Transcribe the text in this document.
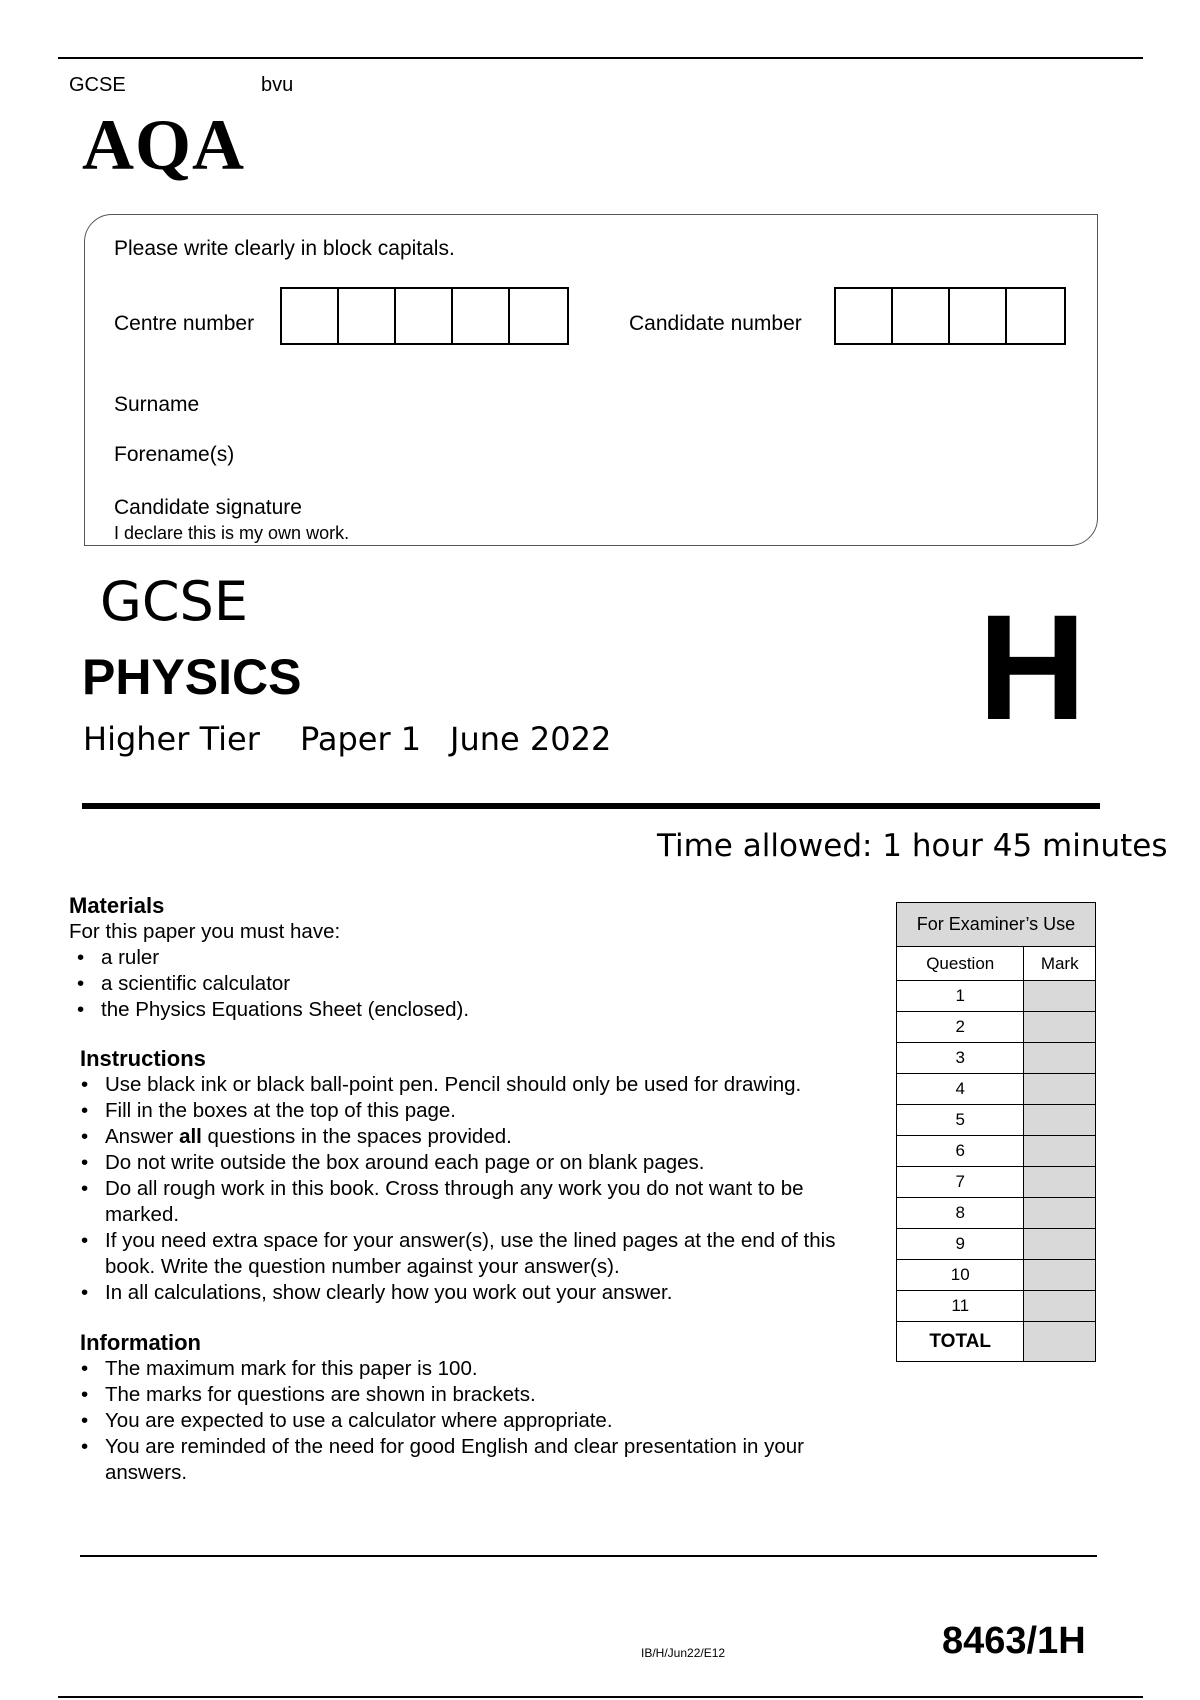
GCSE	bvu
AQA
Please write clearly in block capitals.
Centre number	Candidate number
Surname
Forename(s)
Candidate signature
I declare this is my own work.
GCSE
PHYSICS
Higher Tier Paper 1 June 2022 H
Time allowed: 1 hour 45 minutes
Materials
For this paper you must have:
• a ruler
• a scientific calculator
• the Physics Equations Sheet (enclosed).
Instructions
• Use black ink or black ball-point pen. Pencil should only be used for drawing.
• Fill in the boxes at the top of this page.
• Answer all questions in the spaces provided.
• Do not write outside the box around each page or on blank pages.
• Do all rough work in this book. Cross through any work you do not want to be marked.
• If you need extra space for your answer(s), use the lined pages at the end of this book. Write the question number against your answer(s).
• In all calculations, show clearly how you work out your answer.
Information
• The maximum mark for this paper is 100.
• The marks for questions are shown in brackets.
• You are expected to use a calculator where appropriate.
• You are reminded of the need for good English and clear presentation in your answers.
For Examiner’s Use	
Question	Mark
1	
2	
3	
4	
5	
6	
7	
8	
9	
10	
11	
TOTAL	
IB/H/Jun22/E12	8463/1H
